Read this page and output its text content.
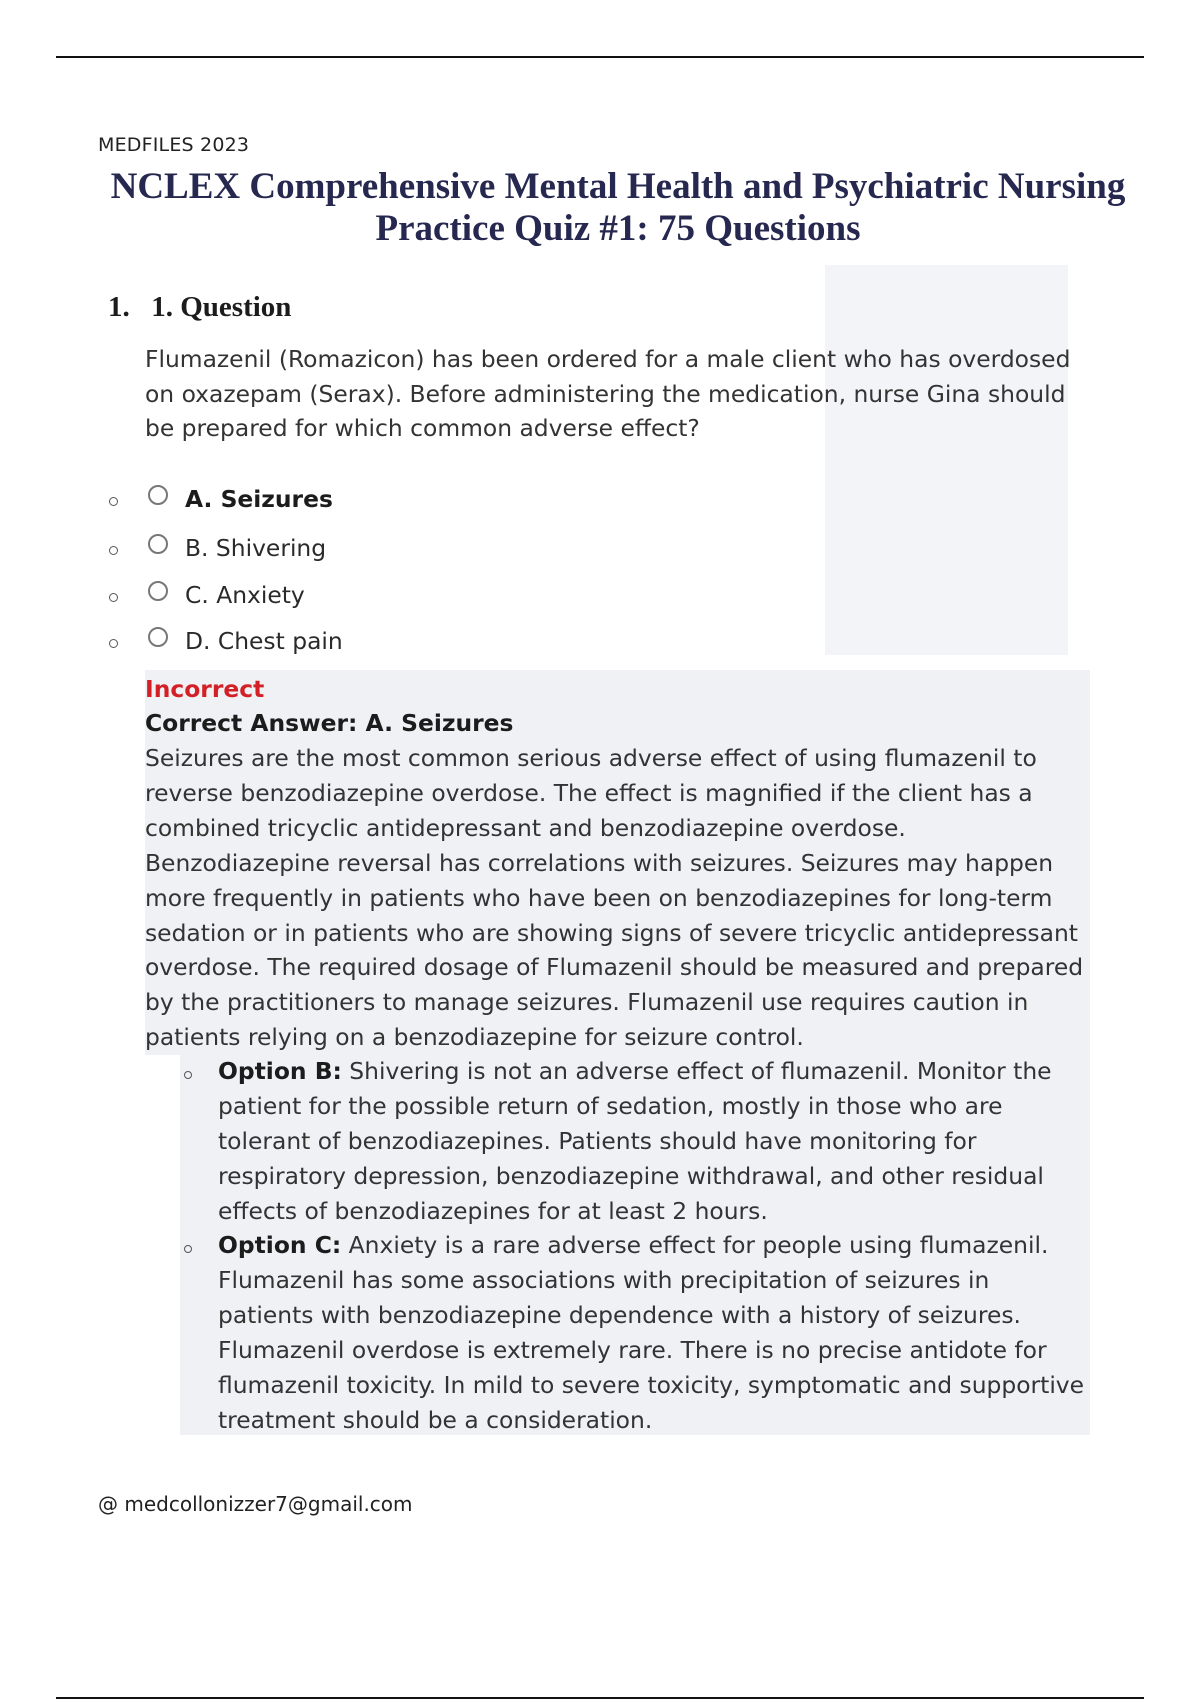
MEDFILES 2023
NCLEX Comprehensive Mental Health and Psychiatric Nursing Practice Quiz #1: 75 Questions
1. 1. Question

Flumazenil (Romazicon) has been ordered for a male client who has overdosed on oxazepam (Serax). Before administering the medication, nurse Gina should be prepared for which common adverse effect?

A. Seizures
B. Shivering
C. Anxiety
D. Chest pain
Incorrect
Correct Answer: A. Seizures

Seizures are the most common serious adverse effect of using flumazenil to reverse benzodiazepine overdose. The effect is magnified if the client has a combined tricyclic antidepressant and benzodiazepine overdose. Benzodiazepine reversal has correlations with seizures. Seizures may happen more frequently in patients who have been on benzodiazepines for long-term sedation or in patients who are showing signs of severe tricyclic antidepressant overdose. The required dosage of Flumazenil should be measured and prepared by the practitioners to manage seizures. Flumazenil use requires caution in patients relying on a benzodiazepine for seizure control.

Option B: Shivering is not an adverse effect of flumazenil. Monitor the patient for the possible return of sedation, mostly in those who are tolerant of benzodiazepines. Patients should have monitoring for respiratory depression, benzodiazepine withdrawal, and other residual effects of benzodiazepines for at least 2 hours.

Option C: Anxiety is a rare adverse effect for people using flumazenil. Flumazenil has some associations with precipitation of seizures in patients with benzodiazepine dependence with a history of seizures. Flumazenil overdose is extremely rare. There is no precise antidote for flumazenil toxicity. In mild to severe toxicity, symptomatic and supportive treatment should be a consideration.

@ medcollonizzer7@gmail.com
